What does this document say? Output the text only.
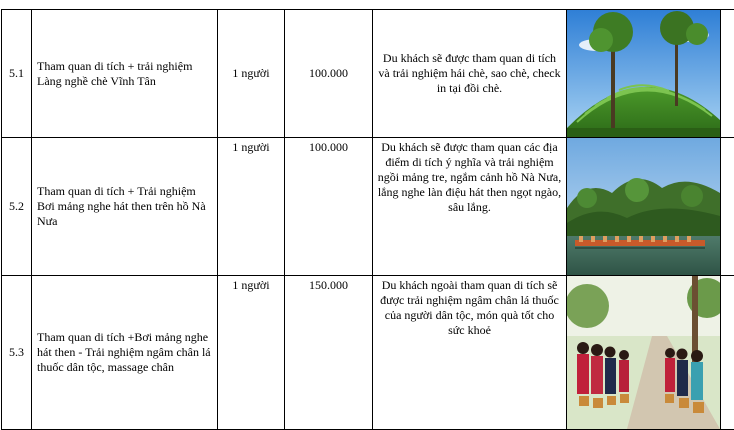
5.1	Tham quan di tích + trải nghiệm Làng nghề chè Vĩnh Tân	1 người	100.000	Du khách sẽ được tham quan di tích và trải nghiệm hái chè, sao chè, check in tại đồi chè.	

5.2	Tham quan di tích + Trải nghiệm Bơi mảng nghe hát then trên hồ Nà Nưa	1 người	100.000	Du khách sẽ được tham quan các địa điểm di tích ý nghĩa và trải nghiệm ngồi mảng tre, ngắm cảnh hồ Nà Nưa, lắng nghe làn điệu hát then ngọt ngào, sâu lắng.	

5.3	Tham quan di tích +Bơi mảng nghe hát then - Trải nghiệm ngâm chân lá thuốc dân tộc, massage chân	1 người	150.000	Du khách ngoài tham quan di tích sẽ được trải nghiệm ngâm chân lá thuốc của người dân tộc, món quà tốt cho sức khoẻ	
